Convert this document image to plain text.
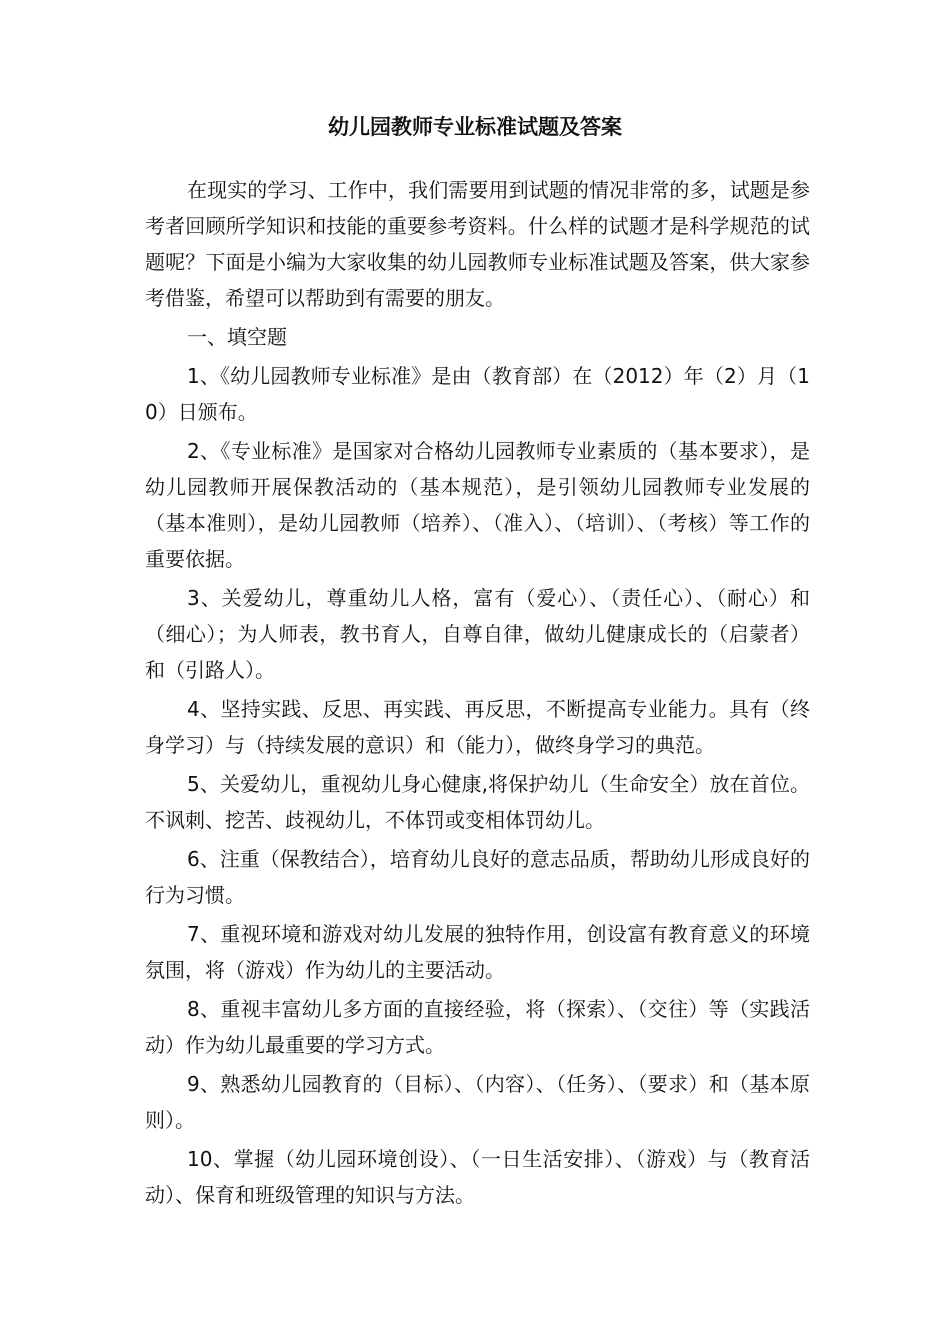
幼儿园教师专业标准试题及答案

在现实的学习、工作中，我们需要用到试题的情况非常的多，试题是参考者回顾所学知识和技能的重要参考资料。什么样的试题才是科学规范的试题呢？下面是小编为大家收集的幼儿园教师专业标准试题及答案，供大家参考借鉴，希望可以帮助到有需要的朋友。

一、填空题

1、《幼儿园教师专业标准》是由（教育部）在（2012）年（2）月（10）日颁布。

2、《专业标准》是国家对合格幼儿园教师专业素质的（基本要求），是幼儿园教师开展保教活动的（基本规范），是引领幼儿园教师专业发展的（基本准则），是幼儿园教师（培养）、（准入）、（培训）、（考核）等工作的重要依据。

3、关爱幼儿，尊重幼儿人格，富有（爱心）、（责任心）、（耐心）和（细心）；为人师表，教书育人，自尊自律，做幼儿健康成长的（启蒙者）和（引路人）。

4、坚持实践、反思、再实践、再反思，不断提高专业能力。具有（终身学习）与（持续发展的意识）和（能力），做终身学习的典范。

5、关爱幼儿，重视幼儿身心健康,将保护幼儿（生命安全）放在首位。不讽刺、挖苦、歧视幼儿，不体罚或变相体罚幼儿。

6、注重（保教结合），培育幼儿良好的意志品质，帮助幼儿形成良好的行为习惯。

7、重视环境和游戏对幼儿发展的独特作用，创设富有教育意义的环境氛围，将（游戏）作为幼儿的主要活动。

8、重视丰富幼儿多方面的直接经验，将（探索）、（交往）等（实践活动）作为幼儿最重要的学习方式。

9、熟悉幼儿园教育的（目标）、（内容）、（任务）、（要求）和（基本原则）。

10、掌握（幼儿园环境创设）、（一日生活安排）、（游戏）与（教育活动）、保育和班级管理的知识与方法。
